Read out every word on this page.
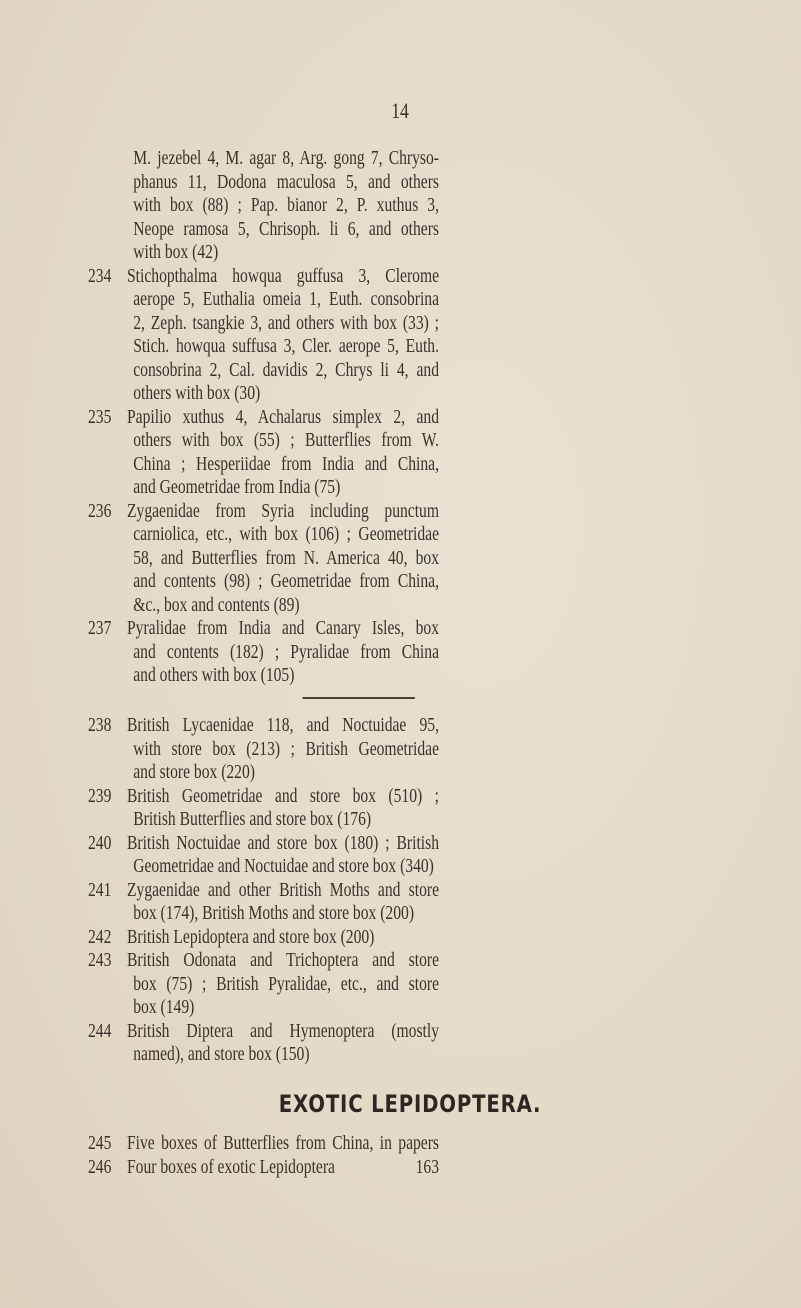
14
M. jezebel 4, M. agar 8, Arg. gong 7, Chryso-
phanus 11, Dodona maculosa 5, and others
with box (88) ; Pap. bianor 2, P. xuthus 3,
Neope ramosa 5, Chrisoph. li 6, and others
with box (42)
234 Stichopthalma howqua guffusa 3, Clerome
aerope 5, Euthalia omeia 1, Euth. consobrina
2, Zeph. tsangkie 3, and others with box (33) ;
Stich. howqua suffusa 3, Cler. aerope 5, Euth.
consobrina 2, Cal. davidis 2, Chrys li 4, and
others with box (30)
235 Papilio xuthus 4, Achalarus simplex 2, and
others with box (55) ; Butterflies from W.
China ; Hesperiidae from India and China,
and Geometridae from India (75)
236 Zygaenidae from Syria including punctum
carniolica, etc., with box (106) ; Geometridae
58, and Butterflies from N. America 40, box
and contents (98) ; Geometridae from China,
&c., box and contents (89)
237 Pyralidae from India and Canary Isles, box
and contents (182) ; Pyralidae from China
and others with box (105)
238 British Lycaenidae 118, and Noctuidae 95,
with store box (213) ; British Geometridae
and store box (220)
239 British Geometridae and store box (510) ;
British Butterflies and store box (176)
240 British Noctuidae and store box (180) ; British
Geometridae and Noctuidae and store box (340)
241 Zygaenidae and other British Moths and store
box (174), British Moths and store box (200)
242 British Lepidoptera and store box (200)
243 British Odonata and Trichoptera and store
box (75) ; British Pyralidae, etc., and store
box (149)
244 British Diptera and Hymenoptera (mostly
named), and store box (150)
245 Five boxes of Butterflies from China, in papers
246 Four boxes of exotic Lepidoptera	163
EXOTIC LEPIDOPTERA.
